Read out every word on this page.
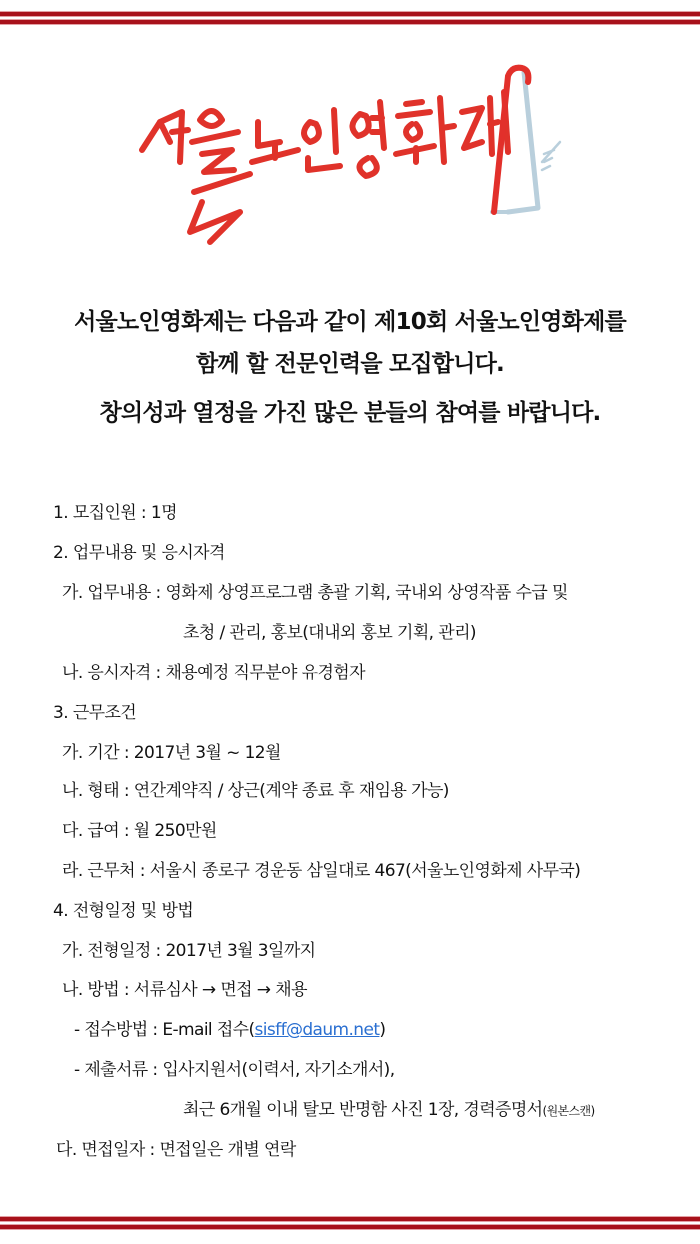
서울노인영화제는 다음과 같이 제10회 서울노인영화제를
함께 할 전문인력을 모집합니다.
창의성과 열정을 가진 많은 분들의 참여를 바랍니다.
1. 모집인원 : 1명
2. 업무내용 및 응시자격
가. 업무내용 : 영화제 상영프로그램 총괄 기획, 국내외 상영작품 수급 및
초청 / 관리, 홍보(대내외 홍보 기획, 관리)
나. 응시자격 : 채용예정 직무분야 유경험자
3. 근무조건
가. 기간 : 2017년 3월 ~ 12월
나. 형태 : 연간계약직 / 상근(계약 종료 후 재임용 가능)
다. 급여 : 월 250만원
라. 근무처 : 서울시 종로구 경운동 삼일대로 467(서울노인영화제 사무국)
4. 전형일정 및 방법
가. 전형일정 : 2017년 3월 3일까지
나. 방법 : 서류심사 → 면접 → 채용
- 접수방법 : E-mail 접수(sisff@daum.net)
- 제출서류 : 입사지원서(이력서, 자기소개서),
최근 6개월 이내 탈모 반명함 사진 1장, 경력증명서(원본스캔)
다. 면접일자 : 면접일은 개별 연락
